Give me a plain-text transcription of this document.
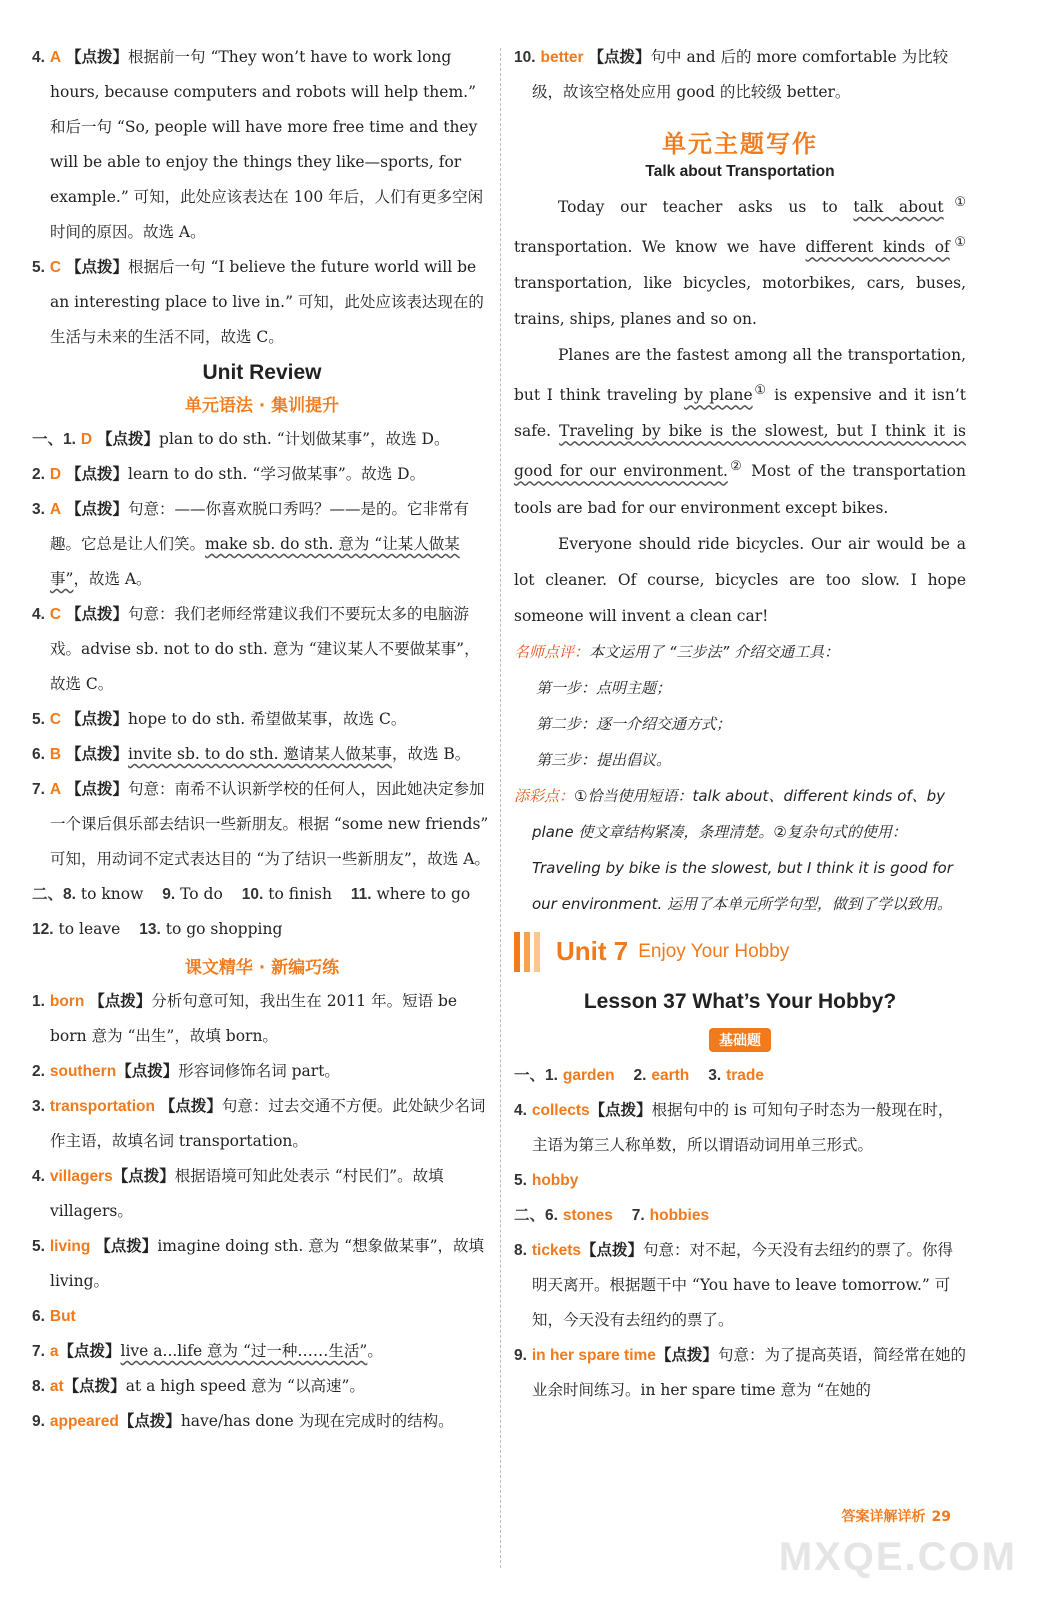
4. A 【点拨】根据前一句 “They won’t have to work long hours, because computers and robots will help them.” 和后一句 “So, people will have more free time and they will be able to enjoy the things they like—sports, for example.” 可知，此处应该表达在 100 年后，人们有更多空闲时间的原因。故选 A。

5. C 【点拨】根据后一句 “I believe the future world will be an interesting place to live in.” 可知，此处应该表达现在的生活与未来的生活不同，故选 C。

Unit Review
单元语法 · 集训提升

一、1. D 【点拨】plan to do sth. “计划做某事”，故选 D。

2. D 【点拨】learn to do sth. “学习做某事”。故选 D。

3. A 【点拨】句意：——你喜欢脱口秀吗？——是的。它非常有趣。它总是让人们笑。make sb. do sth. 意为 “让某人做某事”，故选 A。

4. C 【点拨】句意：我们老师经常建议我们不要玩太多的电脑游戏。advise sb. not to do sth. 意为 “建议某人不要做某事”，故选 C。

5. C 【点拨】hope to do sth. 希望做某事，故选 C。

6. B 【点拨】invite sb. to do sth. 邀请某人做某事，故选 B。

7. A 【点拨】句意：南希不认识新学校的任何人，因此她决定参加一个课后俱乐部去结识一些新朋友。根据 “some new friends” 可知，用动词不定式表达目的 “为了结识一些新朋友”，故选 A。

二、8. to know 9. To do 10. to finish 11. where to go

12. to leave 13. to go shopping

课文精华 · 新编巧练

1. born 【点拨】分析句意可知，我出生在 2011 年。短语 be born 意为 “出生”，故填 born。

2. southern【点拨】形容词修饰名词 part。

3. transportation 【点拨】句意：过去交通不方便。此处缺少名词作主语，故填名词 transportation。

4. villagers【点拨】根据语境可知此处表示 “村民们”。故填 villagers。

5. living 【点拨】imagine doing sth. 意为 “想象做某事”，故填 living。

6. But

7. a【点拨】live a...life 意为 “过一种……生活”。

8. at【点拨】at a high speed 意为 “以高速”。

9. appeared【点拨】have/has done 为现在完成时的结构。

10. better 【点拨】句中 and 后的 more comfortable 为比较级，故该空格处应用 good 的比较级 better。

单元主题写作
Talk about Transportation

Today our teacher asks us to talk about① transportation. We know we have different kinds of① transportation, like bicycles, motorbikes, cars, buses, trains, ships, planes and so on.

Planes are the fastest among all the transportation, but I think traveling by plane① is expensive and it isn’t safe. Traveling by bike is the slowest, but I think it is good for our environment.② Most of the transportation tools are bad for our environment except bikes.

Everyone should ride bicycles. Our air would be a lot cleaner. Of course, bicycles are too slow. I hope someone will invent a clean car!

名师点评：本文运用了 “三步法” 介绍交通工具：

第一步：点明主题；

第二步：逐一介绍交通方式；

第三步：提出倡议。

添彩点：①恰当使用短语：talk about、different kinds of、by plane 使文章结构紧凑，条理清楚。②复杂句式的使用：Traveling by bike is the slowest, but I think it is good for our environment. 运用了本单元所学句型，做到了学以致用。

Unit 7 Enjoy Your Hobby
Lesson 37 What’s Your Hobby?
基础题

一、1. garden 2. earth 3. trade

4. collects【点拨】根据句中的 is 可知句子时态为一般现在时，主语为第三人称单数，所以谓语动词用单三形式。

5. hobby

二、6. stones 7. hobbies

8. tickets【点拨】句意：对不起，今天没有去纽约的票了。你得明天离开。根据题干中 “You have to leave tomorrow.” 可知，今天没有去纽约的票了。

9. in her spare time【点拨】句意：为了提高英语，简经常在她的业余时间练习。in her spare time 意为 “在她的

答案详解详析 29
MXQE.COM
